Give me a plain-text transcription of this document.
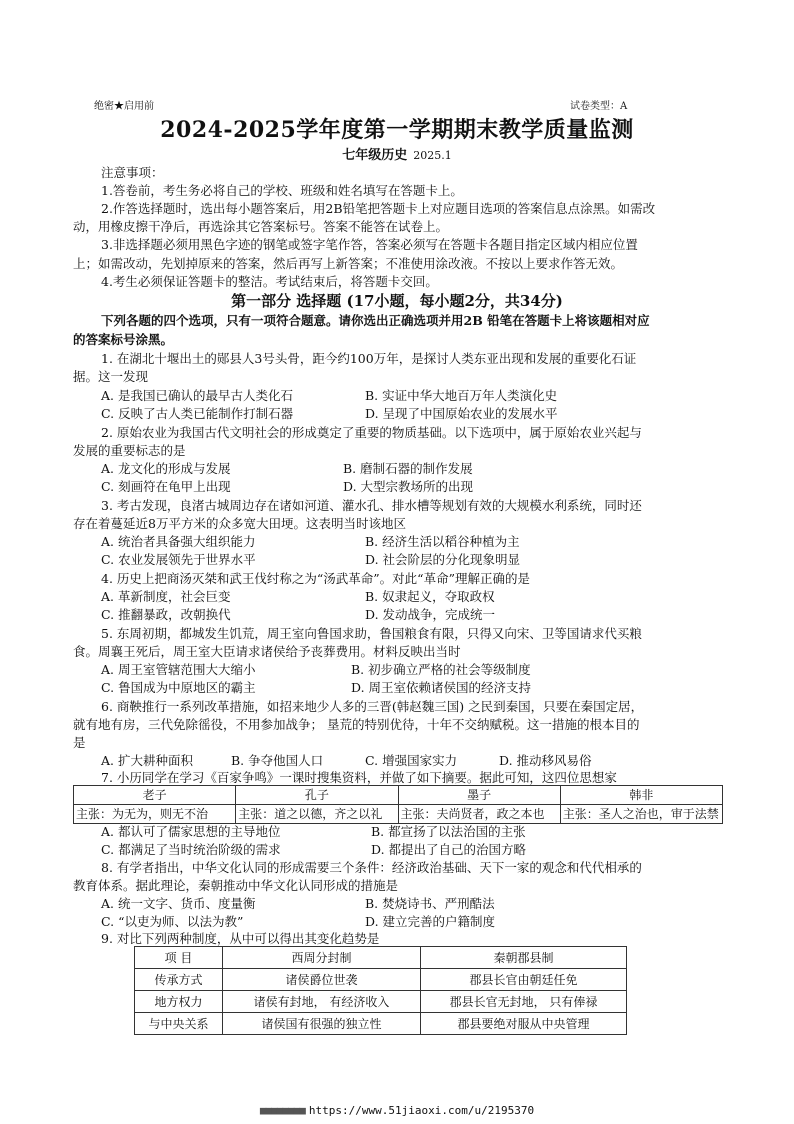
绝密★启用前	试卷类型：A
2024-2025学年度第一学期期末教学质量监测
七年级历史 2025.1
注意事项：
1.答卷前，考生务必将自己的学校、班级和姓名填写在答题卡上。
2.作答选择题时，选出每小题答案后，用2B铅笔把答题卡上对应题目选项的答案信息点涂黑。如需改
动，用橡皮擦干净后，再选涂其它答案标号。答案不能答在试卷上。
3.非选择题必须用黑色字迹的钢笔或签字笔作答，答案必须写在答题卡各题目指定区域内相应位置
上；如需改动，先划掉原来的答案，然后再写上新答案；不准使用涂改液。不按以上要求作答无效。
4.考生必须保证答题卡的整洁。考试结束后，将答题卡交回。
第一部分 选择题 (17小题，每小题2分，共34分)
下列各题的四个选项，只有一项符合题意。请你选出正确选项并用2B 铅笔在答题卡上将该题相对应
的答案标号涂黑。
1. 在湖北十堰出土的郧县人3号头骨，距今约100万年，是探讨人类东亚出现和发展的重要化石证
据。这一发现
A. 是我国已确认的最早古人类化石	B. 实证中华大地百万年人类演化史
C. 反映了古人类已能制作打制石器	D. 呈现了中国原始农业的发展水平
2. 原始农业为我国古代文明社会的形成奠定了重要的物质基础。以下选项中，属于原始农业兴起与
发展的重要标志的是
A. 龙文化的形成与发展	B. 磨制石器的制作发展
C. 刻画符在龟甲上出现	D. 大型宗教场所的出现
3. 考古发现，良渚古城周边存在诸如河道、灌水孔、排水槽等规划有效的大规模水利系统，同时还
存在着蔓延近8万平方米的众多宽大田埂。这表明当时该地区
A. 统治者具备强大组织能力	B. 经济生活以稻谷种植为主
C. 农业发展领先于世界水平	D. 社会阶层的分化现象明显
4. 历史上把商汤灭桀和武王伐纣称之为“汤武革命”。对此“革命”理解正确的是
A. 革新制度，社会巨变	B. 奴隶起义，夺取政权
C. 推翻暴政，改朝换代	D. 发动战争，完成统一
5. 东周初期，都城发生饥荒，周王室向鲁国求助，鲁国粮食有限，只得又向宋、卫等国请求代买粮
食。周襄王死后，周王室大臣请求诸侯给予丧葬费用。材料反映出当时
A. 周王室管辖范围大大缩小	B. 初步确立严格的社会等级制度
C. 鲁国成为中原地区的霸主	D. 周王室依赖诸侯国的经济支持
6. 商鞅推行一系列改革措施，如招来地少人多的三晋(韩赵魏三国) 之民到秦国，只要在秦国定居，
就有地有房，三代免除徭役，不用参加战争； 垦荒的特别优待，十年不交纳赋税。这一措施的根本目的
是
A. 扩大耕种面积	B. 争夺他国人口	C. 增强国家实力	D. 推动移风易俗
7. 小历同学在学习《百家争鸣》一课时搜集资料，并做了如下摘要。据此可知，这四位思想家
老子	孔子	墨子	韩非
主张：为无为，则无不治	主张：道之以德，齐之以礼	主张：夫尚贤者，政之本也	主张：圣人之治也，审于法禁
A. 都认可了儒家思想的主导地位	B. 都宣扬了以法治国的主张
C. 都满足了当时统治阶级的需求	D. 都提出了自己的治国方略
8. 有学者指出，中华文化认同的形成需要三个条件：经济政治基础、天下一家的观念和代代相承的
教育体系。据此理论，秦朝推动中华文化认同形成的措施是
A. 统一文字、货币、度量衡	B. 焚烧诗书、严刑酷法
C. “以吏为师、以法为教”	D. 建立完善的户籍制度
9. 对比下列两种制度，从中可以得出其变化趋势是
项 目	西周分封制	秦朝郡县制
传承方式	诸侯爵位世袭	郡县长官由朝廷任免
地方权力	诸侯有封地， 有经济收入	郡县长官无封地， 只有俸禄
与中央关系	诸侯国有很强的独立性	郡县要绝对服从中央管理
■■■■■■■■ https://www.51jiaoxi.com/u/2195370
